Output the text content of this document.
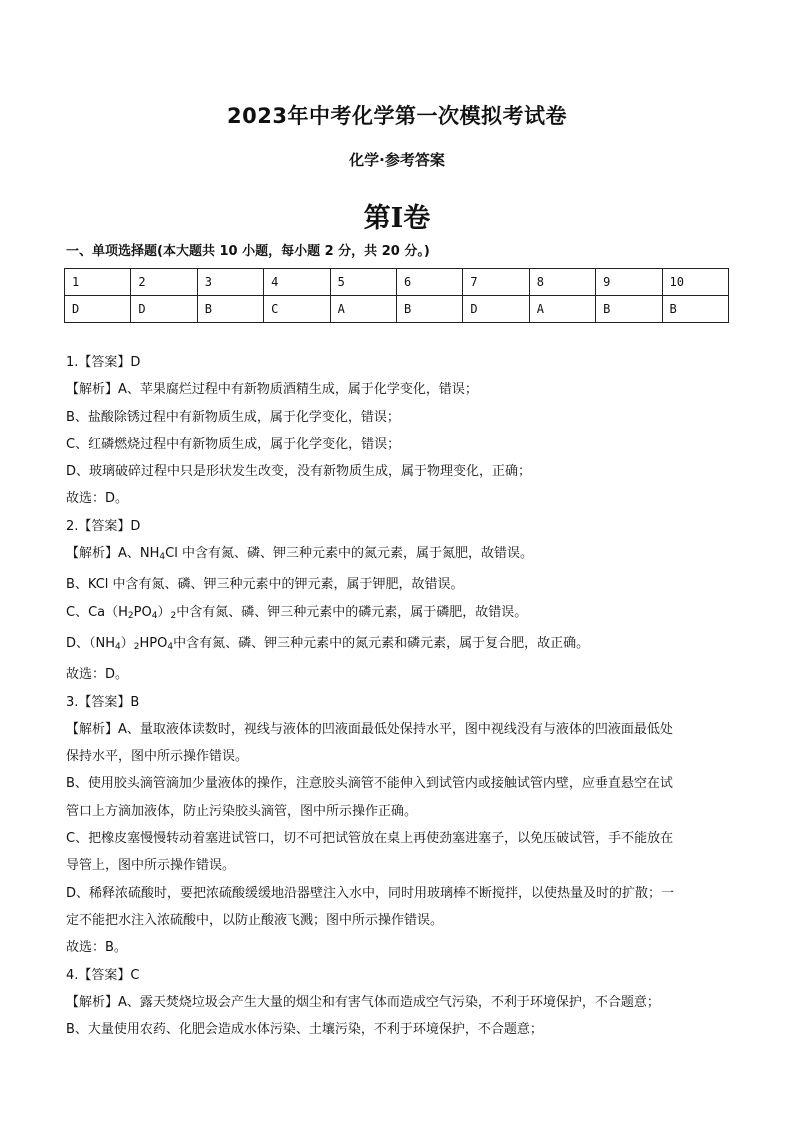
2023年中考化学第一次模拟考试卷
化学·参考答案
第Ⅰ卷
一、单项选择题(本大题共 10 小题，每小题 2 分，共 20 分。)
1	2	3	4	5	6	7	8	9	10
D	D	B	C	A	B	D	A	B	B

1.【答案】D

【解析】A、苹果腐烂过程中有新物质酒精生成，属于化学变化，错误；

B、盐酸除锈过程中有新物质生成，属于化学变化，错误；

C、红磷燃烧过程中有新物质生成，属于化学变化，错误；

D、玻璃破碎过程中只是形状发生改变，没有新物质生成，属于物理变化，正确；

故选：D。

2.【答案】D

【解析】A、$NH_4Cl$ 中含有氮、磷、钾三种元素中的氮元素，属于氮肥，故错误。

B、KCl 中含有氮、磷、钾三种元素中的钾元素，属于钾肥，故错误。

C、$Ca(H_2PO_4)_2$中含有氮、磷、钾三种元素中的磷元素，属于磷肥，故错误。

D、$(NH_4)_2HPO_4$中含有氮、磷、钾三种元素中的氮元素和磷元素，属于复合肥，故正确。

故选：D。

3.【答案】B

【解析】A、量取液体读数时，视线与液体的凹液面最低处保持水平，图中视线没有与液体的凹液面最低处

保持水平，图中所示操作错误。

B、使用胶头滴管滴加少量液体的操作，注意胶头滴管不能伸入到试管内或接触试管内壁，应垂直悬空在试

管口上方滴加液体，防止污染胶头滴管，图中所示操作正确。

C、把橡皮塞慢慢转动着塞进试管口，切不可把试管放在桌上再使劲塞进塞子，以免压破试管，手不能放在

导管上，图中所示操作错误。

D、稀释浓硫酸时，要把浓硫酸缓缓地沿器壁注入水中，同时用玻璃棒不断搅拌，以使热量及时的扩散；一

定不能把水注入浓硫酸中，以防止酸液飞溅；图中所示操作错误。

故选：B。

4.【答案】C

【解析】A、露天焚烧垃圾会产生大量的烟尘和有害气体而造成空气污染，不利于环境保护，不合题意；

B、大量使用农药、化肥会造成水体污染、土壤污染，不利于环境保护，不合题意；
